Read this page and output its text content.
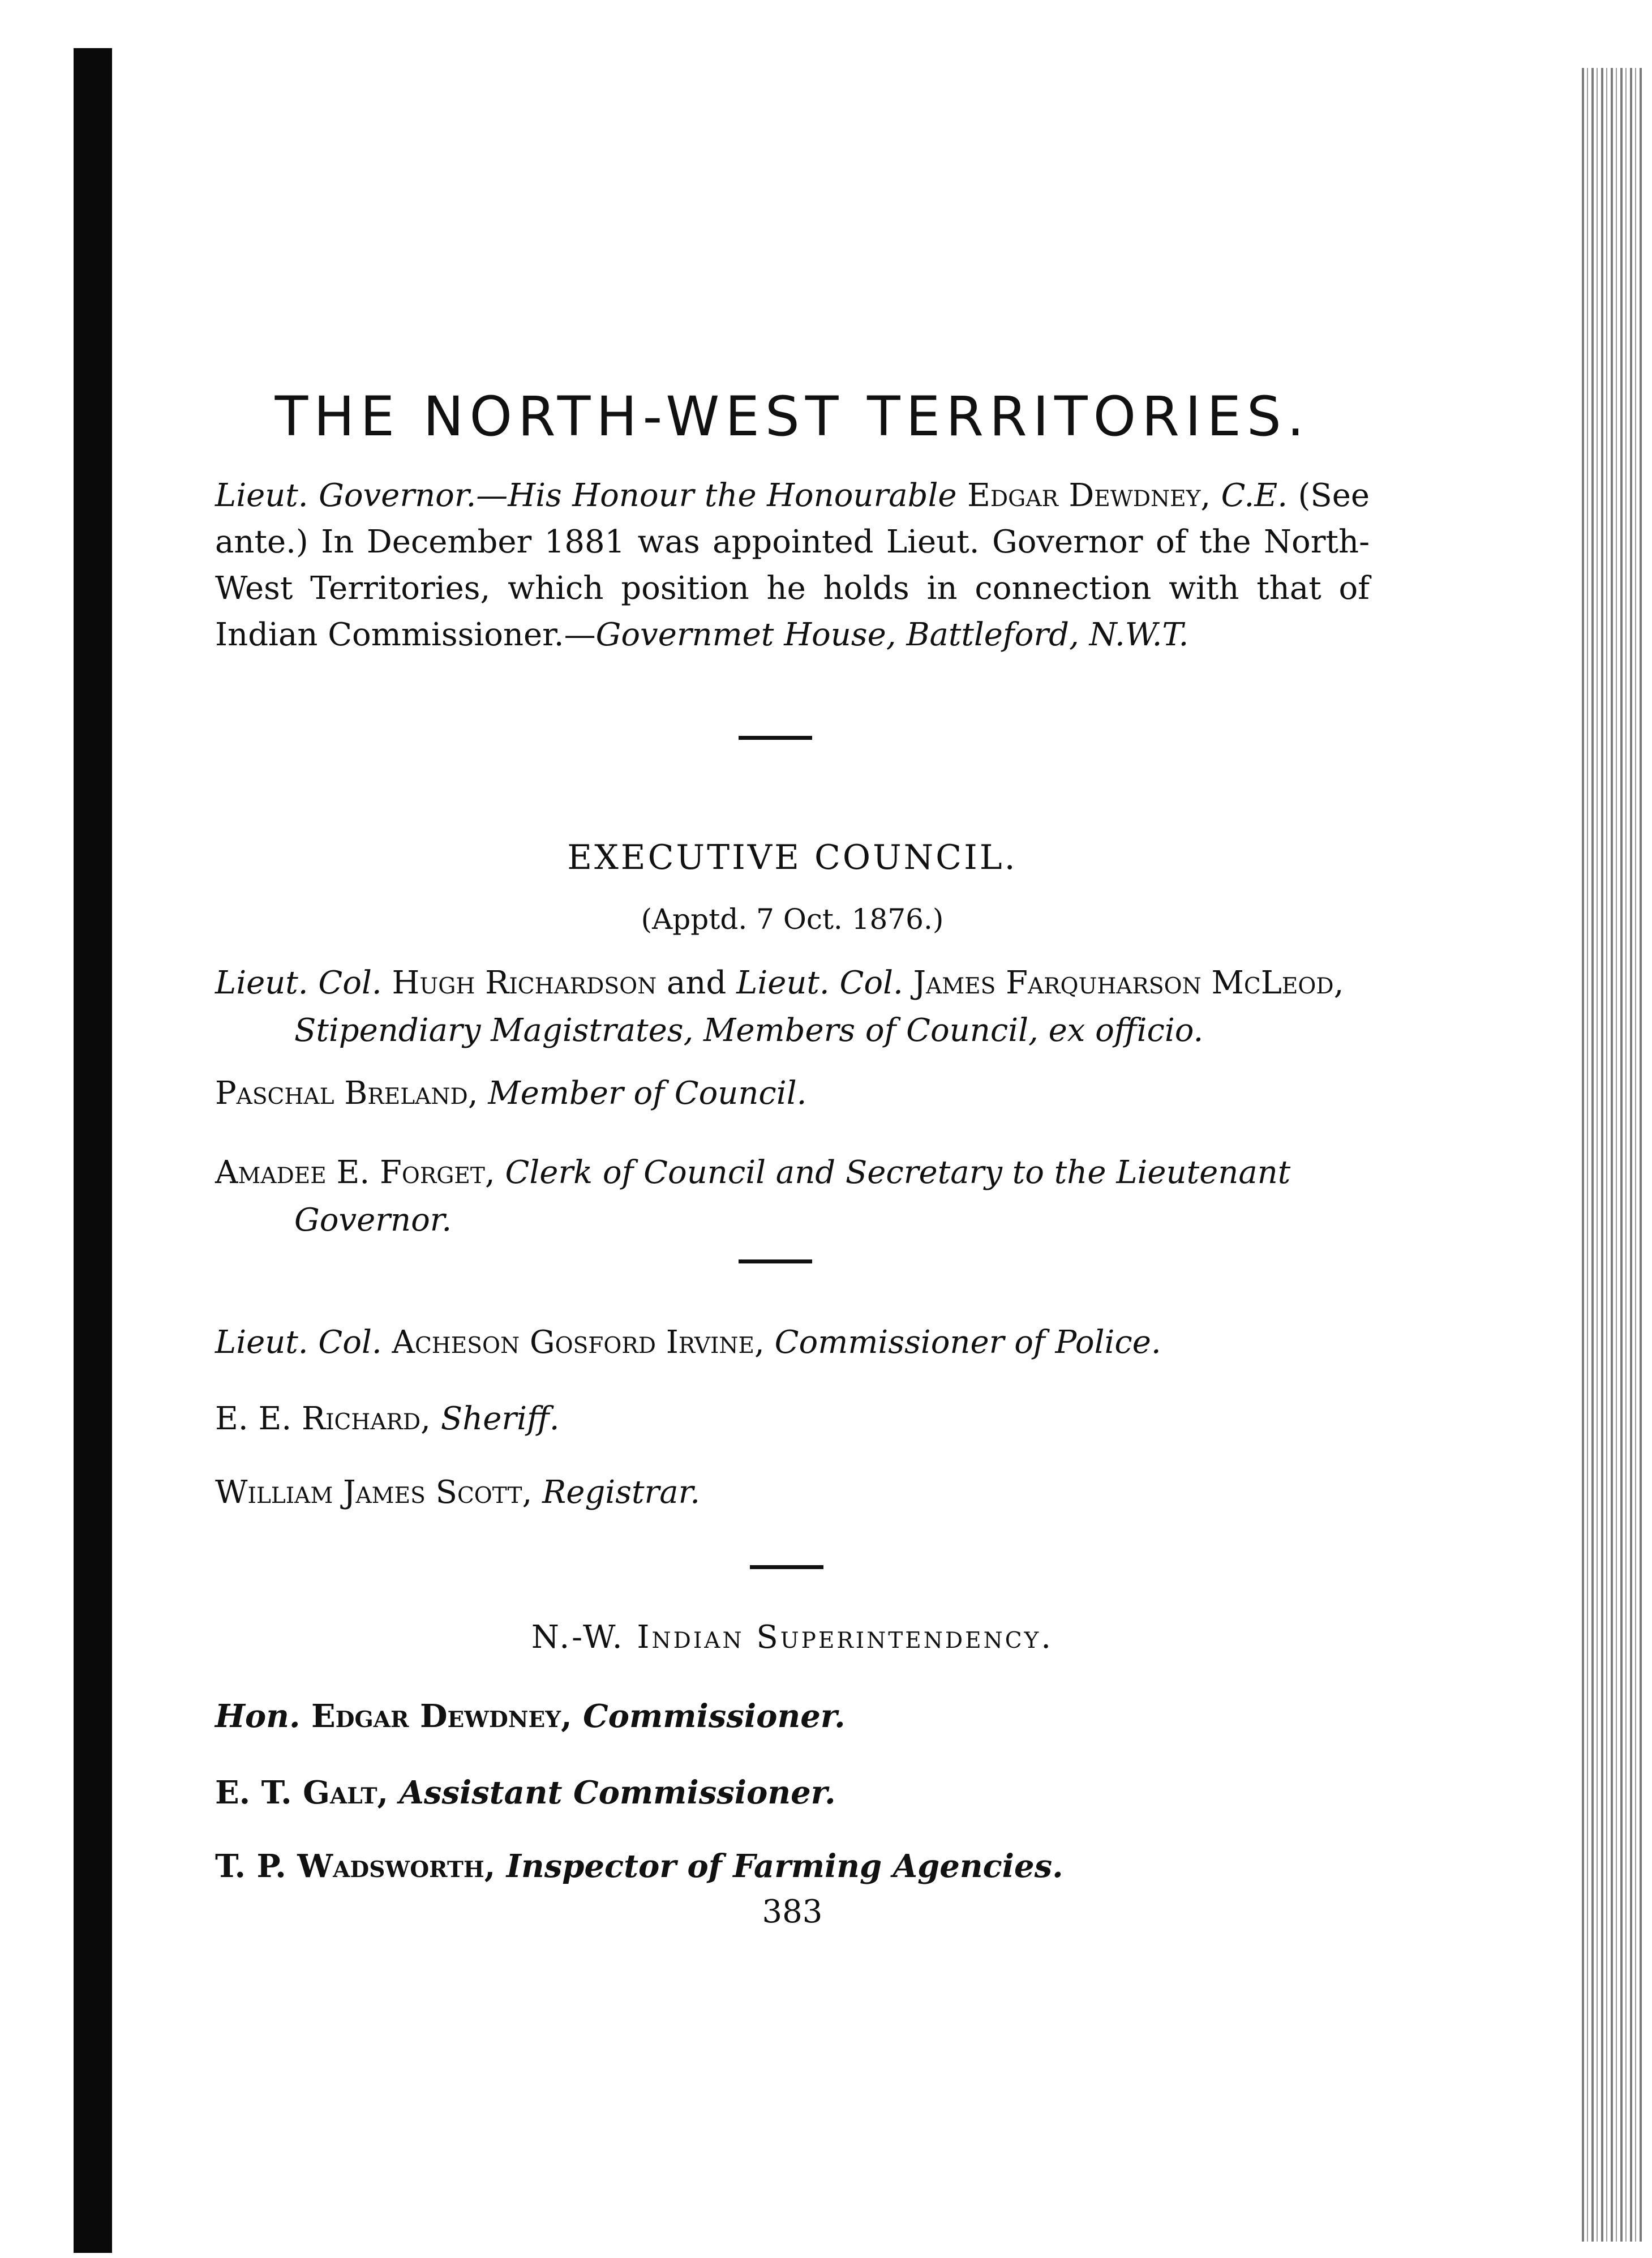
THE NORTH-WEST TERRITORIES.
Lieut. Governor.—His Honour the Honourable Edgar Dewdney, C.E. (See ante.) In December 1881 was appointed Lieut. Governor of the North-West Territories, which position he holds in connection with that of Indian Commissioner.—Governmet House, Battleford, N.W.T.
EXECUTIVE COUNCIL.
(Apptd. 7 Oct. 1876.)
Lieut. Col. Hugh Richardson and Lieut. Col. James Farquharson McLeod, Stipendiary Magistrates, Members of Council, ex officio.
Paschal Breland, Member of Council.
Amadee E. Forget, Clerk of Council and Secretary to the Lieutenant Governor.
Lieut. Col. Acheson Gosford Irvine, Commissioner of Police.
E. E. Richard, Sheriff.
William James Scott, Registrar.
N.-W. Indian Superintendency.
Hon. Edgar Dewdney, Commissioner.
E. T. Galt, Assistant Commissioner.
T. P. Wadsworth, Inspector of Farming Agencies.
383
